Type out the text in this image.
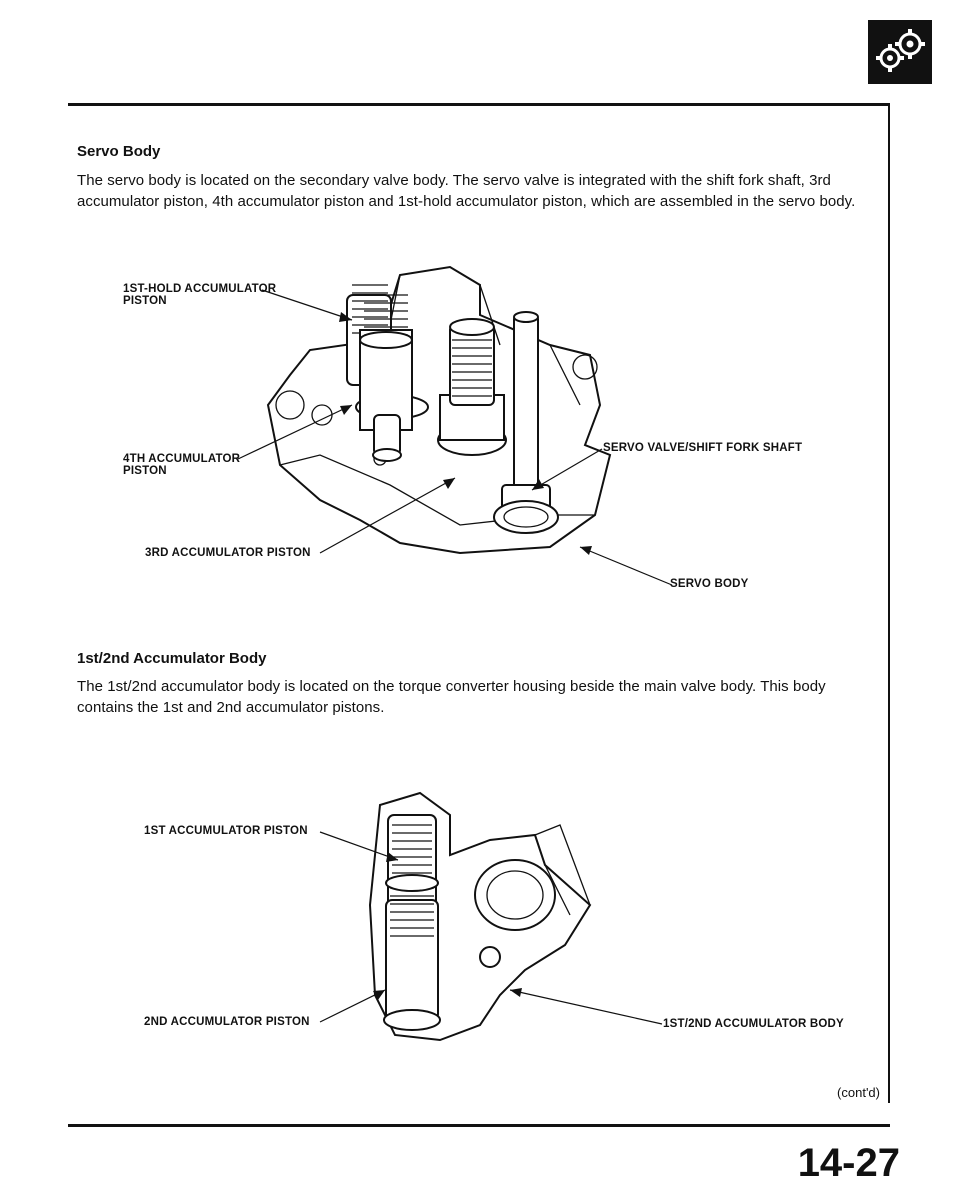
Servo Body
The servo body is located on the secondary valve body. The servo valve is integrated with the shift fork shaft, 3rd accumulator piston, 4th accumulator piston and 1st-hold accumulator piston, which are assembled in the servo body.
1ST-HOLD ACCUMULATOR
PISTON
4TH ACCUMULATOR
PISTON
3RD ACCUMULATOR PISTON
SERVO VALVE/SHIFT FORK SHAFT
SERVO BODY
1st/2nd Accumulator Body
The 1st/2nd accumulator body is located on the torque converter housing beside the main valve body. This body contains the 1st and 2nd accumulator pistons.
1ST ACCUMULATOR PISTON
2ND ACCUMULATOR PISTON	1ST/2ND ACCUMULATOR BODY
(cont'd)
14-27
